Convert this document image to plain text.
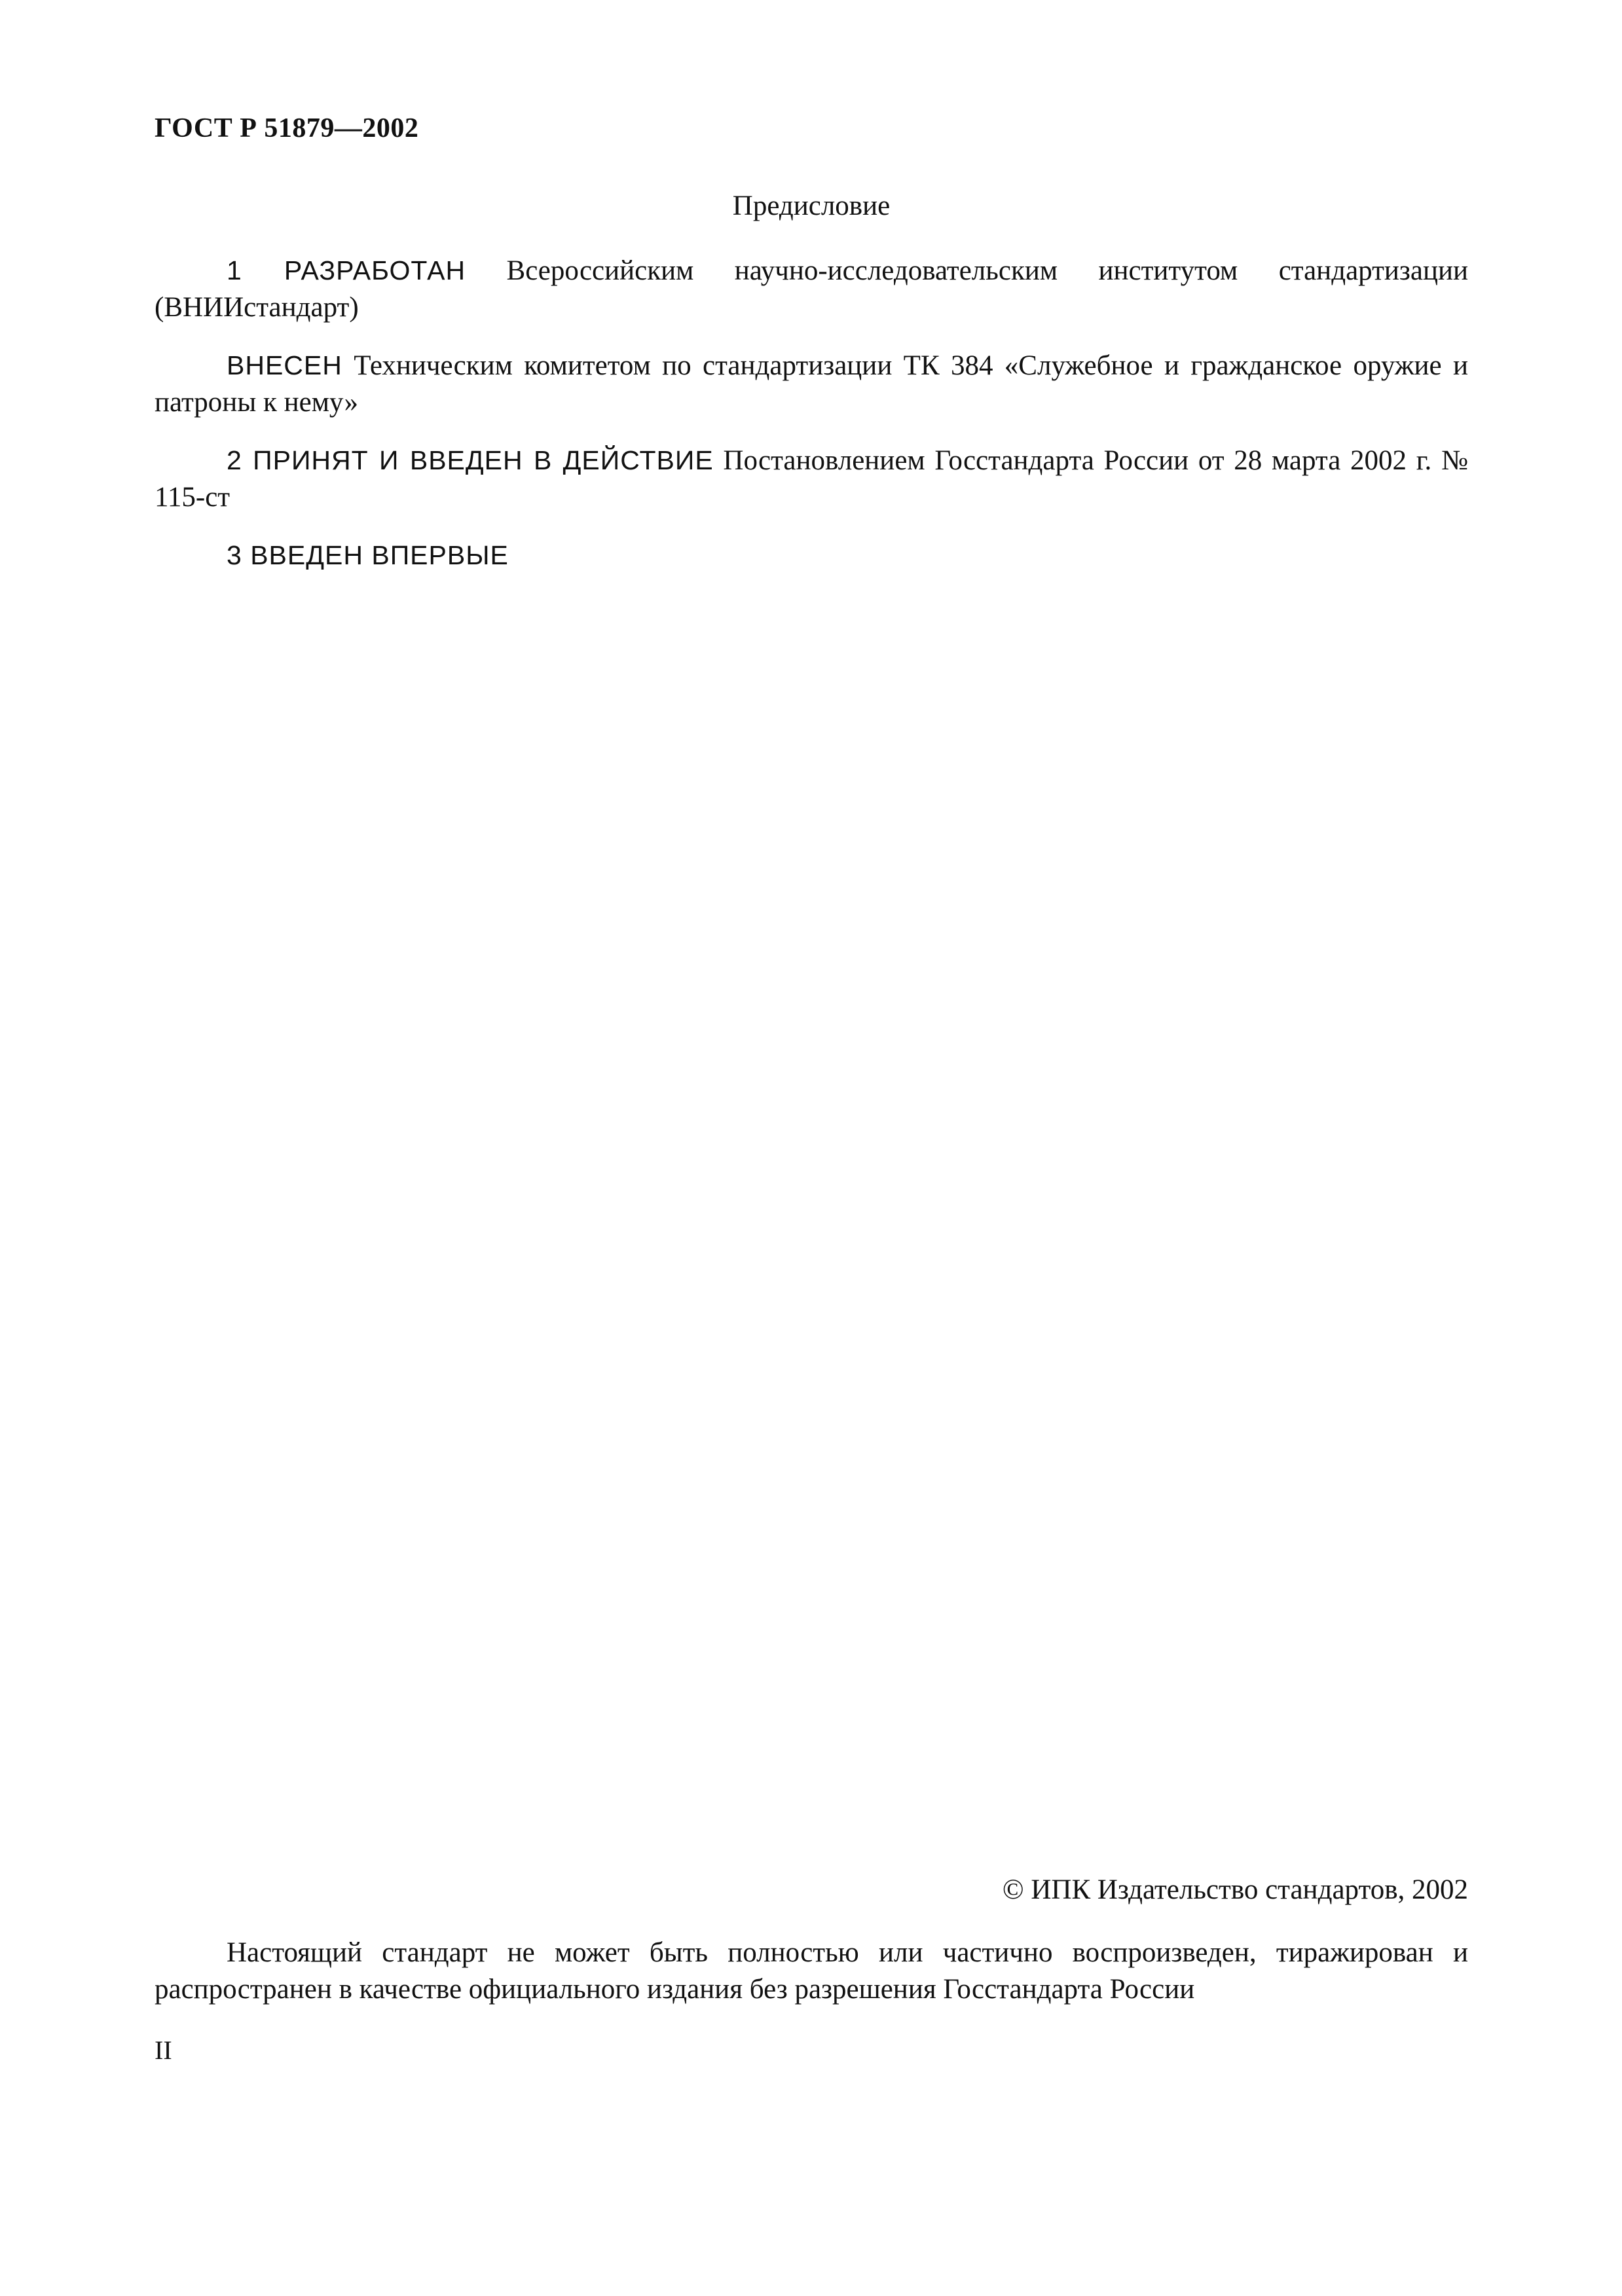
ГОСТ Р 51879—2002

Предисловие

1 РАЗРАБОТАН Всероссийским научно-исследовательским институтом стандартизации (ВНИИстандарт)

ВНЕСЕН Техническим комитетом по стандартизации ТК 384 «Служебное и гражданское оружие и патроны к нему»

2 ПРИНЯТ И ВВЕДЕН В ДЕЙСТВИЕ Постановлением Госстандарта России от 28 марта 2002 г. № 115-ст

3 ВВЕДЕН ВПЕРВЫЕ

© ИПК Издательство стандартов, 2002

Настоящий стандарт не может быть полностью или частично воспроизведен, тиражирован и распространен в качестве официального издания без разрешения Госстандарта России

II
